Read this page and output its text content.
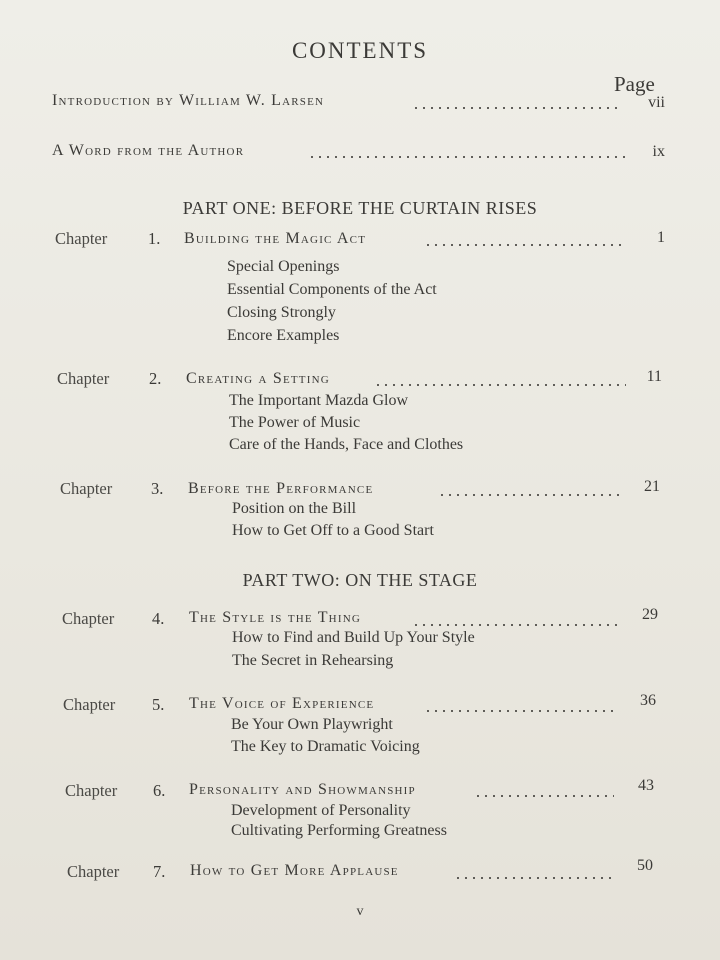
CONTENTS
Page
Introduction by William W. Larsen	vii
A Word from the Author	ix
PART ONE: BEFORE THE CURTAIN RISES
Chapter 1. Building the Magic Act	1
Special Openings
Essential Components of the Act
Closing Strongly
Encore Examples
Chapter 2. Creating a Setting	11
The Important Mazda Glow
The Power of Music
Care of the Hands, Face and Clothes
Chapter 3. Before the Performance	21
Position on the Bill
How to Get Off to a Good Start
PART TWO: ON THE STAGE
Chapter 4. The Style is the Thing	29
How to Find and Build Up Your Style
The Secret in Rehearsing
Chapter 5. The Voice of Experience	36
Be Your Own Playwright
The Key to Dramatic Voicing
Chapter 6. Personality and Showmanship	43
Development of Personality
Cultivating Performing Greatness
Chapter 7. How to Get More Applause	50
v
